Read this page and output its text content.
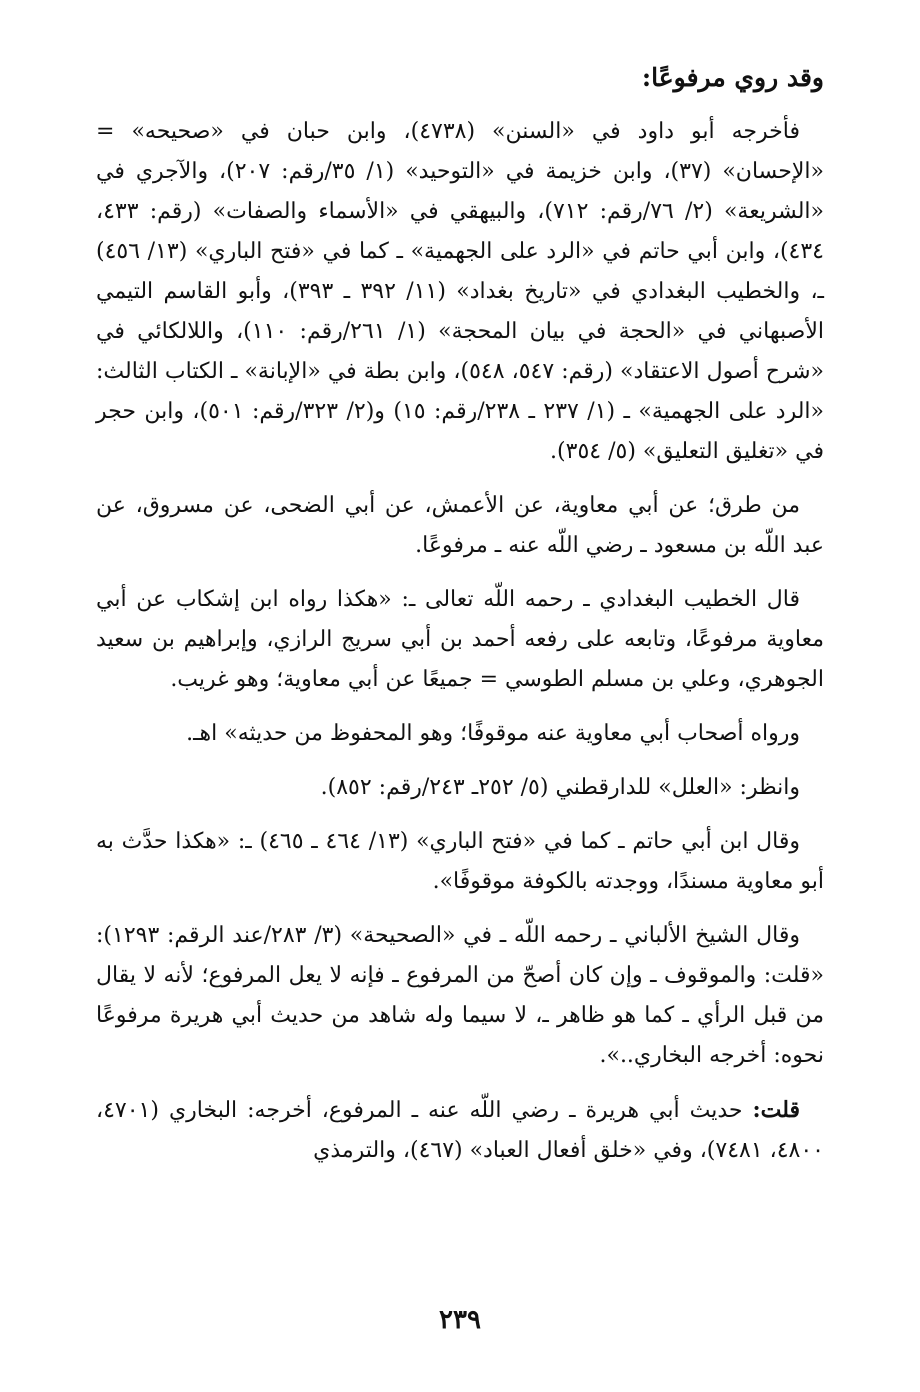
وقد روي مرفوعًا:

فأخرجه أبو داود في «السنن» (٤٧٣٨)، وابن حبان في «صحيحه» = «الإحسان» (٣٧)، وابن خزيمة في «التوحيد» (١/ ٣٥/رقم: ٢٠٧)، والآجري في «الشريعة» (٢/ ٧٦/رقم: ٧١٢)، والبيهقي في «الأسماء والصفات» (رقم: ٤٣٣، ٤٣٤)، وابن أبي حاتم في «الرد على الجهمية» ـ كما في «فتح الباري» (١٣/ ٤٥٦) ـ، والخطيب البغدادي في «تاريخ بغداد» (١١/ ٣٩٢ ـ ٣٩٣)، وأبو القاسم التيمي الأصبهاني في «الحجة في بيان المحجة» (١/ ٢٦١/رقم: ١١٠)، واللالكائي في «شرح أصول الاعتقاد» (رقم: ٥٤٧، ٥٤٨)، وابن بطة في «الإبانة» ـ الكتاب الثالث: «الرد على الجهمية» ـ (١/ ٢٣٧ ـ ٢٣٨/رقم: ١٥) و(٢/ ٣٢٣/رقم: ٥٠١)، وابن حجر في «تغليق التعليق» (٥/ ٣٥٤).

من طرق؛ عن أبي معاوية، عن الأعمش، عن أبي الضحى، عن مسروق، عن عبد اللّه بن مسعود ـ رضي اللّه عنه ـ مرفوعًا.

قال الخطيب البغدادي ـ رحمه اللّه تعالى ـ: «هكذا رواه ابن إشكاب عن أبي معاوية مرفوعًا، وتابعه على رفعه أحمد بن أبي سريج الرازي، وإبراهيم بن سعيد الجوهري، وعلي بن مسلم الطوسي = جميعًا عن أبي معاوية؛ وهو غريب.

ورواه أصحاب أبي معاوية عنه موقوفًا؛ وهو المحفوظ من حديثه» اهـ.

وانظر: «العلل» للدارقطني (٥/ ٢٥٢ـ ٢٤٣/رقم: ٨٥٢).

وقال ابن أبي حاتم ـ كما في «فتح الباري» (١٣/ ٤٦٤ ـ ٤٦٥) ـ: «هكذا حدَّث به أبو معاوية مسندًا، ووجدته بالكوفة موقوفًا».

وقال الشيخ الألباني ـ رحمه اللّه ـ في «الصحيحة» (٣/ ٢٨٣/عند الرقم: ١٢٩٣): «قلت: والموقوف ـ وإن كان أصحّ من المرفوع ـ فإنه لا يعل المرفوع؛ لأنه لا يقال من قبل الرأي ـ كما هو ظاهر ـ، لا سيما وله شاهد من حديث أبي هريرة مرفوعًا نحوه: أخرجه البخاري..».

قلت: حديث أبي هريرة ـ رضي اللّه عنه ـ المرفوع، أخرجه: البخاري (٤٧٠١، ٤٨٠٠، ٧٤٨١)، وفي «خلق أفعال العباد» (٤٦٧)، والترمذي

٢٣٩
